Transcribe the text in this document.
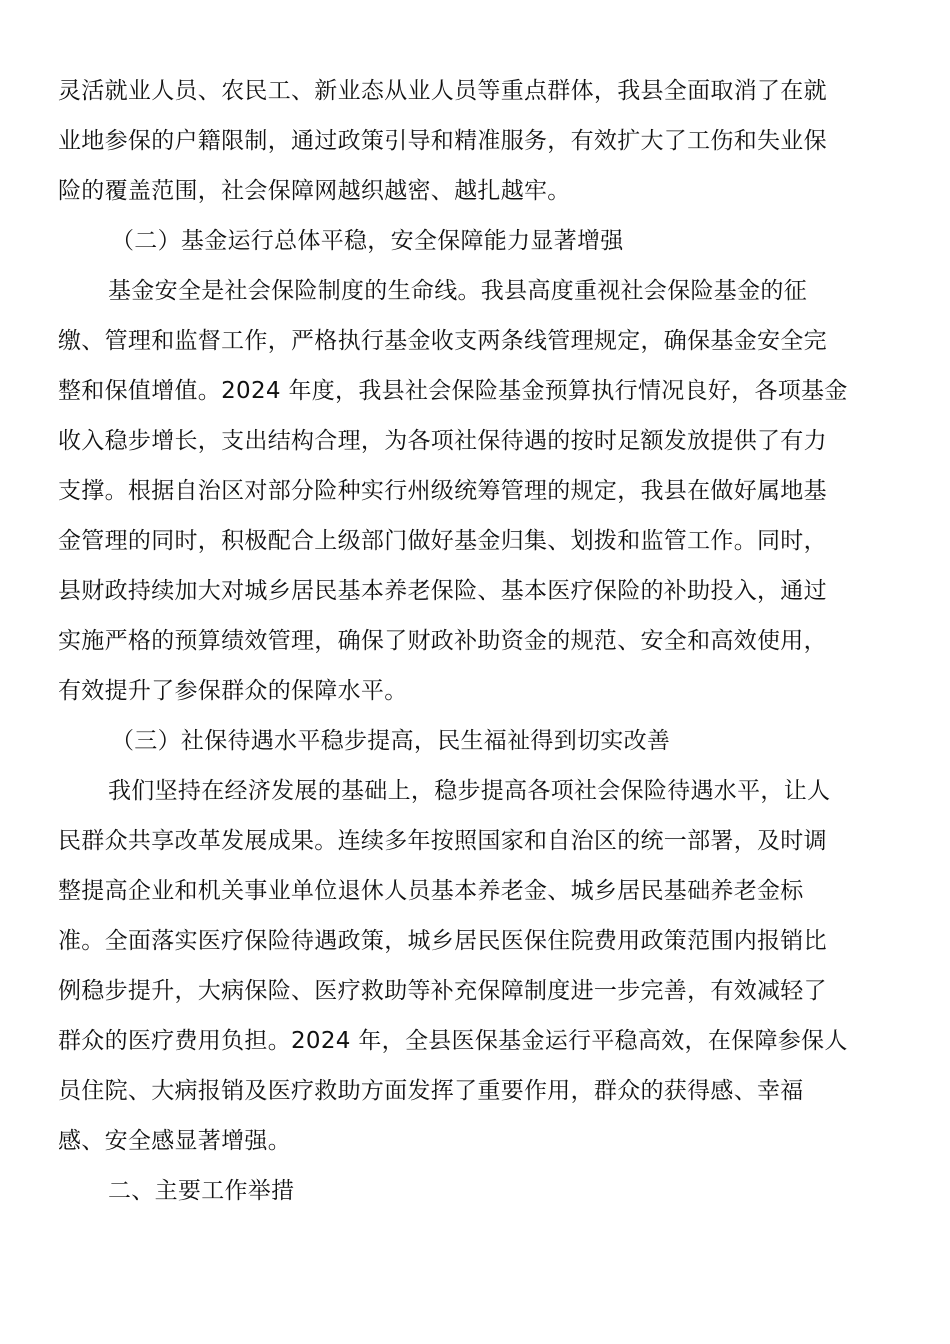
灵活就业人员、农民工、新业态从业人员等重点群体，我县全面取消了在就
业地参保的户籍限制，通过政策引导和精准服务，有效扩大了工伤和失业保
险的覆盖范围，社会保障网越织越密、越扎越牢。
（二）基金运行总体平稳，安全保障能力显著增强
基金安全是社会保险制度的生命线。我县高度重视社会保险基金的征
缴、管理和监督工作，严格执行基金收支两条线管理规定，确保基金安全完
整和保值增值。2024 年度，我县社会保险基金预算执行情况良好，各项基金
收入稳步增长，支出结构合理，为各项社保待遇的按时足额发放提供了有力
支撑。根据自治区对部分险种实行州级统筹管理的规定，我县在做好属地基
金管理的同时，积极配合上级部门做好基金归集、划拨和监管工作。同时，
县财政持续加大对城乡居民基本养老保险、基本医疗保险的补助投入，通过
实施严格的预算绩效管理，确保了财政补助资金的规范、安全和高效使用，
有效提升了参保群众的保障水平。
（三）社保待遇水平稳步提高，民生福祉得到切实改善
我们坚持在经济发展的基础上，稳步提高各项社会保险待遇水平，让人
民群众共享改革发展成果。连续多年按照国家和自治区的统一部署，及时调
整提高企业和机关事业单位退休人员基本养老金、城乡居民基础养老金标
准。全面落实医疗保险待遇政策，城乡居民医保住院费用政策范围内报销比
例稳步提升，大病保险、医疗救助等补充保障制度进一步完善，有效减轻了
群众的医疗费用负担。2024 年，全县医保基金运行平稳高效，在保障参保人
员住院、大病报销及医疗救助方面发挥了重要作用，群众的获得感、幸福
感、安全感显著增强。
二、主要工作举措
